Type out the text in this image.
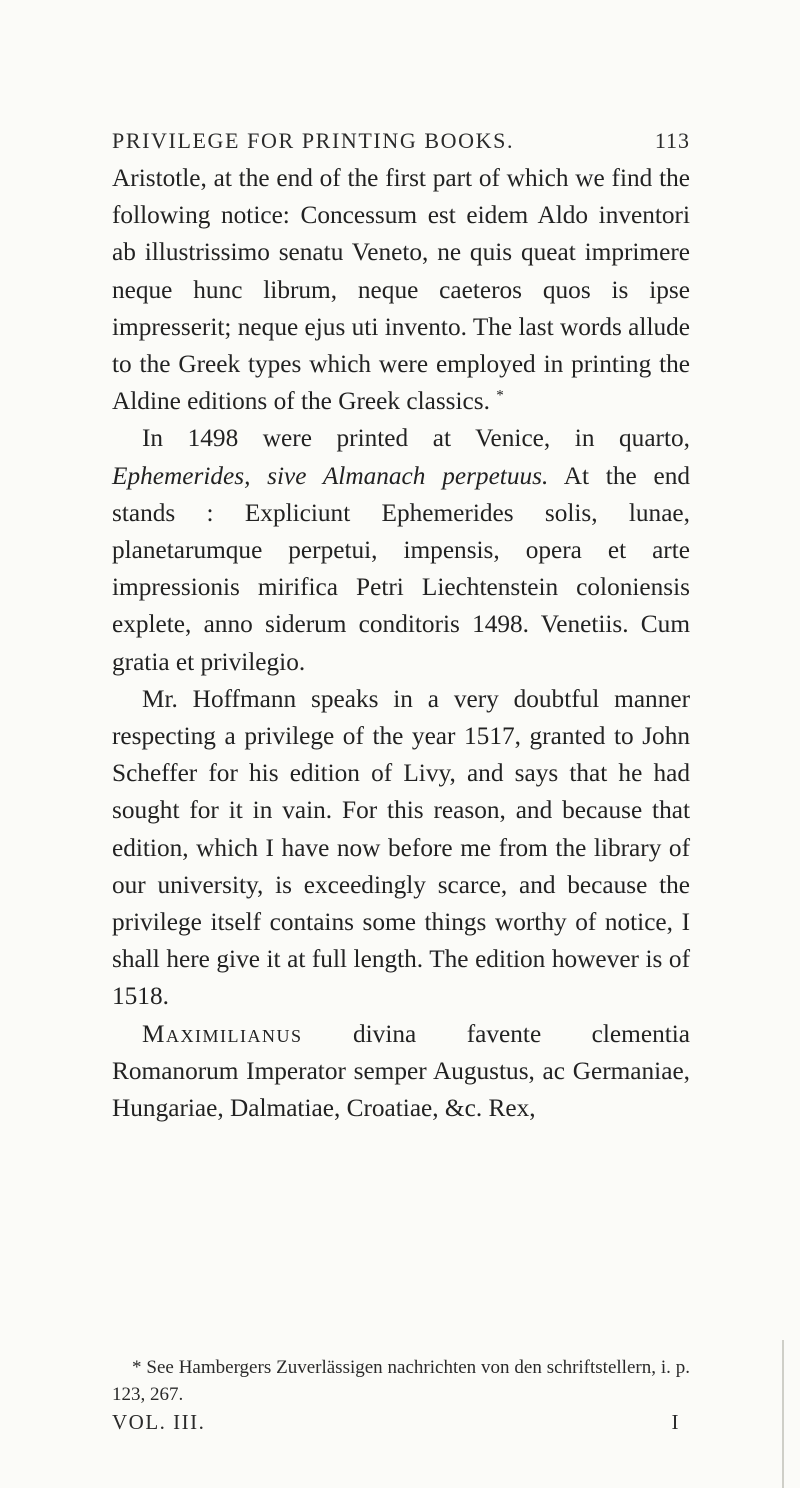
PRIVILEGE FOR PRINTING BOOKS.	113

Aristotle, at the end of the first part of which we find the following notice: Concessum est eidem Aldo inventori ab illustrissimo senatu Veneto, ne quis queat imprimere neque hunc librum, neque caeteros quos is ipse impresserit; neque ejus uti invento. The last words allude to the Greek types which were employed in printing the Aldine editions of the Greek classics. *

In 1498 were printed at Venice, in quarto, Ephemerides, sive Almanach perpetuus. At the end stands : Expliciunt Ephemerides solis, lunae, planetarumque perpetui, impensis, opera et arte impressionis mirifica Petri Liechtenstein coloniensis explete, anno siderum conditoris 1498. Venetiis. Cum gratia et privilegio.

Mr. Hoffmann speaks in a very doubtful manner respecting a privilege of the year 1517, granted to John Scheffer for his edition of Livy, and says that he had sought for it in vain. For this reason, and because that edition, which I have now before me from the library of our university, is exceedingly scarce, and because the privilege itself contains some things worthy of notice, I shall here give it at full length. The edition however is of 1518.

Maximilianus divina favente clementia Romanorum Imperator semper Augustus, ac Germaniae, Hungariae, Dalmatiae, Croatiae, &c. Rex,

* See Hambergers Zuverlässigen nachrichten von den schriftstellern, i. p. 123, 267.

VOL. III.	I
